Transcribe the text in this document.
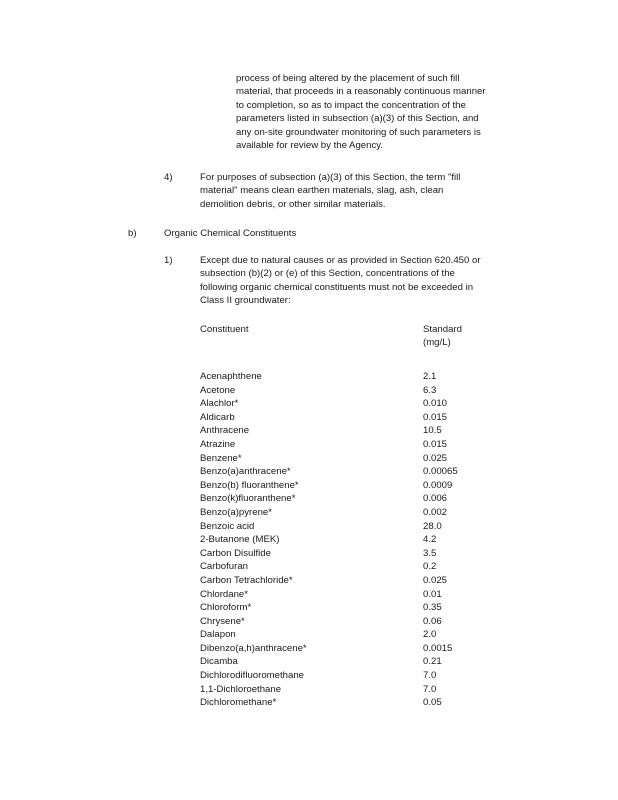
process of being altered by the placement of such fill
material, that proceeds in a reasonably continuous manner
to completion, so as to impact the concentration of the
parameters listed in subsection (a)(3) of this Section, and
any on-site groundwater monitoring of such parameters is
available for review by the Agency.
4)	For purposes of subsection (a)(3) of this Section, the term "fill
material" means clean earthen materials, slag, ash, clean
demolition debris, or other similar materials.
b)	Organic Chemical Constituents
1)	Except due to natural causes or as provided in Section 620.450 or
subsection (b)(2) or (e) of this Section, concentrations of the
following organic chemical constituents must not be exceeded in
Class II groundwater:
Constituent	Standard
(mg/L)
Acenaphthene	2.1
Acetone	6.3
Alachlor*	0.010
Aldicarb	0.015
Anthracene	10.5
Atrazine	0.015
Benzene*	0.025
Benzo(a)anthracene*	0.00065
Benzo(b) fluoranthene*	0.0009
Benzo(k)fluoranthene*	0.006
Benzo(a)pyrene*	0.002
Benzoic acid	28.0
2-Butanone (MEK)	4.2
Carbon Disulfide	3.5
Carbofuran	0.2
Carbon Tetrachloride*	0.025
Chlordane*	0.01
Chloroform*	0.35
Chrysene*	0.06
Dalapon	2.0
Dibenzo(a,h)anthracene*	0.0015
Dicamba	0.21
Dichlorodifluoromethane	7.0
1,1-Dichloroethane	7.0
Dichloromethane*	0.05
